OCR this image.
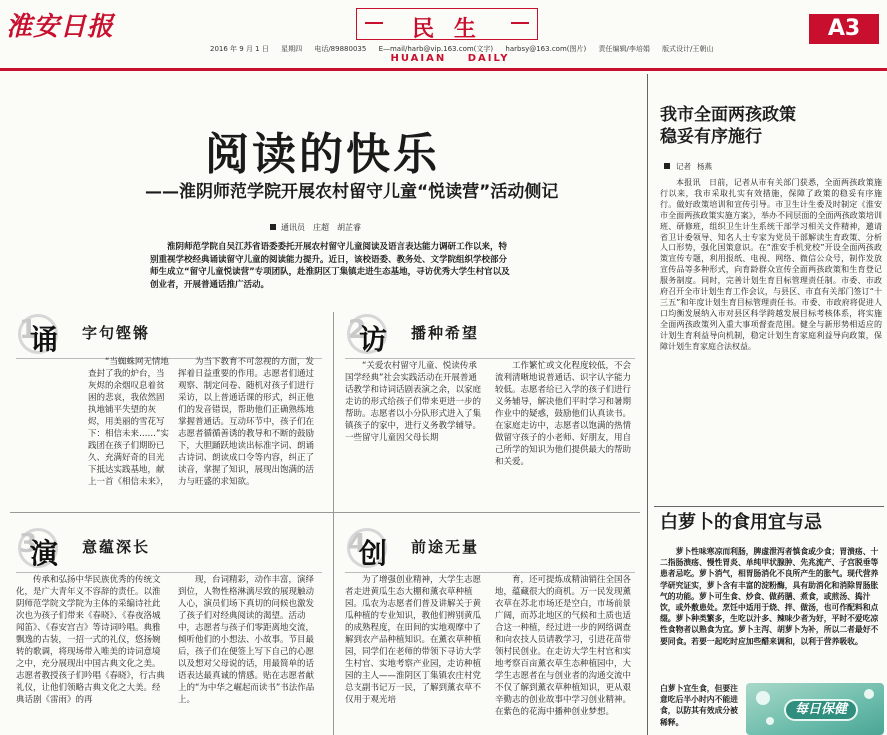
淮安日报	民 生	A3
2016 年 9 月 1 日 星期四 电话/89880035 E—mail/harb@vip.163.com(文字) harbsy@163.com(图片) 责任编辑/李培娟 版式设计/王朝山
HUAIAN DAILY
阅读的快乐
——淮阴师范学院开展农村留守儿童“悦读营”活动侧记
通讯员 庄超 胡芷睿
淮阴师范学院自吴江苏省语委委托开展农村留守儿童阅读及语言表达能力调研工作以来，特别重视学校经典诵读留守儿童的阅读能力提升。近日，该校语委、教务处、文学院组织学校部分师生成立“留守儿童悦读营”专项团队，赴淮阴区丁集镇走进生态基地，寻访优秀大学生村官以及创业者，开展普通话推广活动。
1
诵 字句铿锵

“当蜘蛛网无情地查封了我的炉台，当灰烬的余烟叹息着贫困的悲哀，我依然固执地铺平失望的灰烬，用美丽的雪花写下：相信未来……”实践团在孩子们期盼已久、充满好奇的目光下抵达实践基地，献上一首《相信未来》，

为当下教育不可忽视的方面，发挥着日益重要的作用。志愿者们通过观察、制定问卷、随机对孩子们进行采访，以上普通话课的形式，纠正他们的发音错误，帮助他们正确熟练地掌握普通话。互动环节中，孩子们在志愿者循循善诱的教导和不断的鼓励下，大胆踊跃地读出标准字词、朗诵古诗词、朗读成口令等内容，纠正了读音，掌握了知识，展现出饱满的活力与旺盛的求知欲。

2
访 播种希望

“关爱农村留守儿童、悦读传承国学经典”社会实践活动在开展普通话教学和诗词话剧表演之余，以家庭走访的形式给孩子们带来更进一步的帮助。志愿者以小分队形式进入了集镇孩子的家中，进行义务教学辅导。一些留守儿童因父母长期

工作繁忙或文化程度较低，不会流利清晰地说普通话、识字认字能力较低。志愿者给已入学的孩子们进行义务辅导，解决他们平时学习和暑期作业中的疑惑，鼓励他们认真读书。在家庭走访中，志愿者以饱满的热情做留守孩子的小老师、好朋友，用自己所学的知识为他们提供最大的帮助和关爱。

3
演 意蕴深长

传承和弘扬中华民族优秀的传统文化，是广大青年义不容辞的责任。以淮阴师范学院文学院为主体的采编诗社此次也为孩子们带来《春晓》、《春夜洛城闻笛》、《春安宫吉》等诗词吟唱。典雅飘逸的古装，一招一式的礼仪，悠扬婉转的歌调，将现场带入唯美的诗词意境之中，充分展现出中国古典文化之美。志愿者教授孩子们吟唱《春晓》，行古典礼仪，让他们领略古典文化之大美。经典话剧《雷雨》的再

现，台词精彩，动作丰富，演绎到位，人物性格淋漓尽致的展现触动人心，演员们场下真切的问候也激发了孩子们对经典阅读的渴望。活动中，志愿者与孩子们零距离地交流，倾听他们的小想法、小故事。节目最后，孩子们在便签上写下自己的心愿以及想对父母说的话，用最简单的话语表达最真诚的情感。贴在志愿者献上的“为中华之崛起而读书”书法作品上。

4
创 前途无量

为了增强创业精神，大学生志愿者走进黄瓜生态大棚和薰衣草种植园。瓜农为志愿者们普及讲解关于黄瓜种植的专业知识，教他们辨别黄瓜的成熟程度，在田间的实地观摩中了解到农产品种植知识。在薰衣草种植园，同学们在老师的带领下寻访大学生村官、实地考察产业园，走访种植园的主人——淮阴区丁集镇农庄村党总支副书记万一民，了解到薰衣草不仅用于观光培

育，还可提炼成精油销往全国各地，蕴藏很大的商机。万一民发现薰衣草在苏北市场还是空白，市场前景广阔，而苏北地区的气候和土质也适合这一种植，经过进一步的网络调查和向农技人员请教学习，引进花苗带领村民创业。在走访大学生村官和实地考察百亩薰衣草生态种植园中，大学生志愿者在与创业者的沟通交流中不仅了解到薰衣草种植知识，更从艰辛勤志的创业故事中学习创业精神。在紫色的花海中播种创业梦想。

我市全面两孩政策
稳妥有序施行
记者 杨燕

本报讯　日前，记者从市有关部门获悉，全面两孩政策施行以来，我市采取扎实有效措施，保障了政策的稳妥有序施行。做好政策培训和宣传引导。市卫生计生委及时制定《淮安市全面两孩政策实施方案》，举办不同层面的全面两孩政策培训班、研修班，组织卫生计生系统干部学习相关文件精神，邀请省卫计委领导、知名人士专家为党员干部解读生育政策、分析人口形势，强化国策意识。在“淮安手机党校”开设全面两孩政策宣传专题，利用报纸、电视、网络、微信公众号，制作发放宣传品等多种形式，向育龄群众宣传全面两孩政策和生育登记服务制度。同时，完善计划生育目标管理责任制。市委、市政府召开全市计划生育工作会议，与县区、市直有关部门签订“十三五”和年度计划生育目标管理责任书。市委、市政府将促进人口均衡发展纳入市对县区科学跨越发展目标考核体系，将实施全面两孩政策列入重大事项督查范围。健全与新形势相适应的计划生育利益导向机制，稳定计划生育家庭利益导向政策，保障计划生育家庭合法权益。

白萝卜的食用宜与忌

萝卜性味寒凉而利肠，脾虚泄泻者慎食或少食；胃溃疡、十二指肠溃疡、慢性胃炎、单纯甲状腺肿、先兆流产、子宫脱垂等患者忌吃。萝卜消气，相胃肠消化不良所产生的胀气。现代营养学研究证实，萝卜含有丰富的淀粉酶，具有助消化和消除胃肠胀气的功能。萝卜可生食、炒食、做药膳、煮食，或煎汤、捣汁饮，或外敷患处。烹饪中适用于烧、拌、做汤，也可作配料和点缀。萝卜种类繁多，生吃以汁多、辣味少者为好，平时不爱吃凉性食物者以熟食为宜。萝卜主泻、胡萝卜为补，所以二者最好不要同食。若要一起吃时应加些醋来调和，以利于营养吸收。

白萝卜宜生食，但要注意吃后半小时内不能进食，以防其有效成分被稀释。

每日保健
